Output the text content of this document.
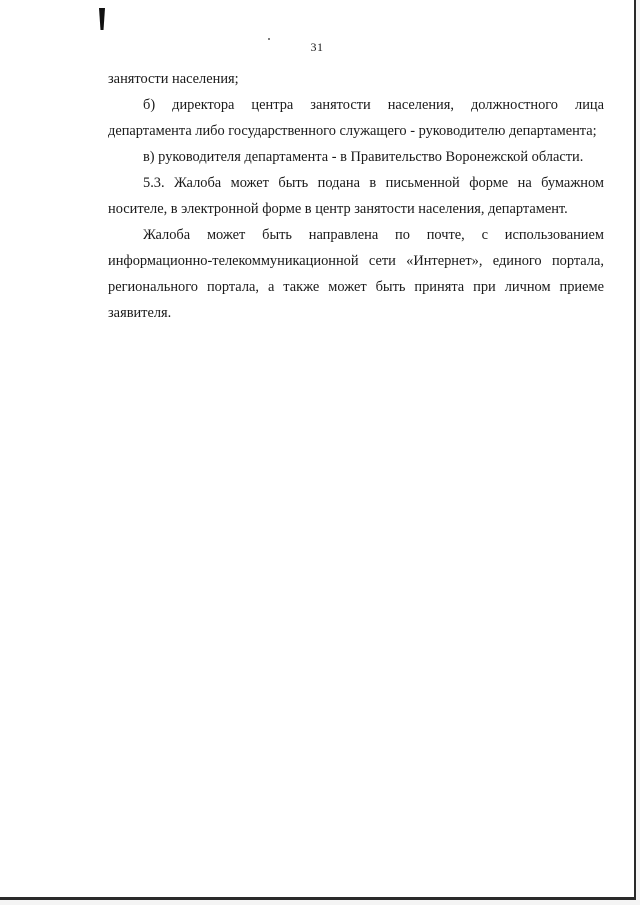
31

занятости населения;

б) директора центра занятости населения, должностного лица департамента либо государственного служащего - руководителю департамента;

в) руководителя департамента - в Правительство Воронежской области.

5.3. Жалоба может быть подана в письменной форме на бумажном носителе, в электронной форме в центр занятости населения, департамент.

Жалоба может быть направлена по почте, с использованием информационно-телекоммуникационной сети «Интернет», единого портала, регионального портала, а также может быть принята при личном приеме заявителя.
